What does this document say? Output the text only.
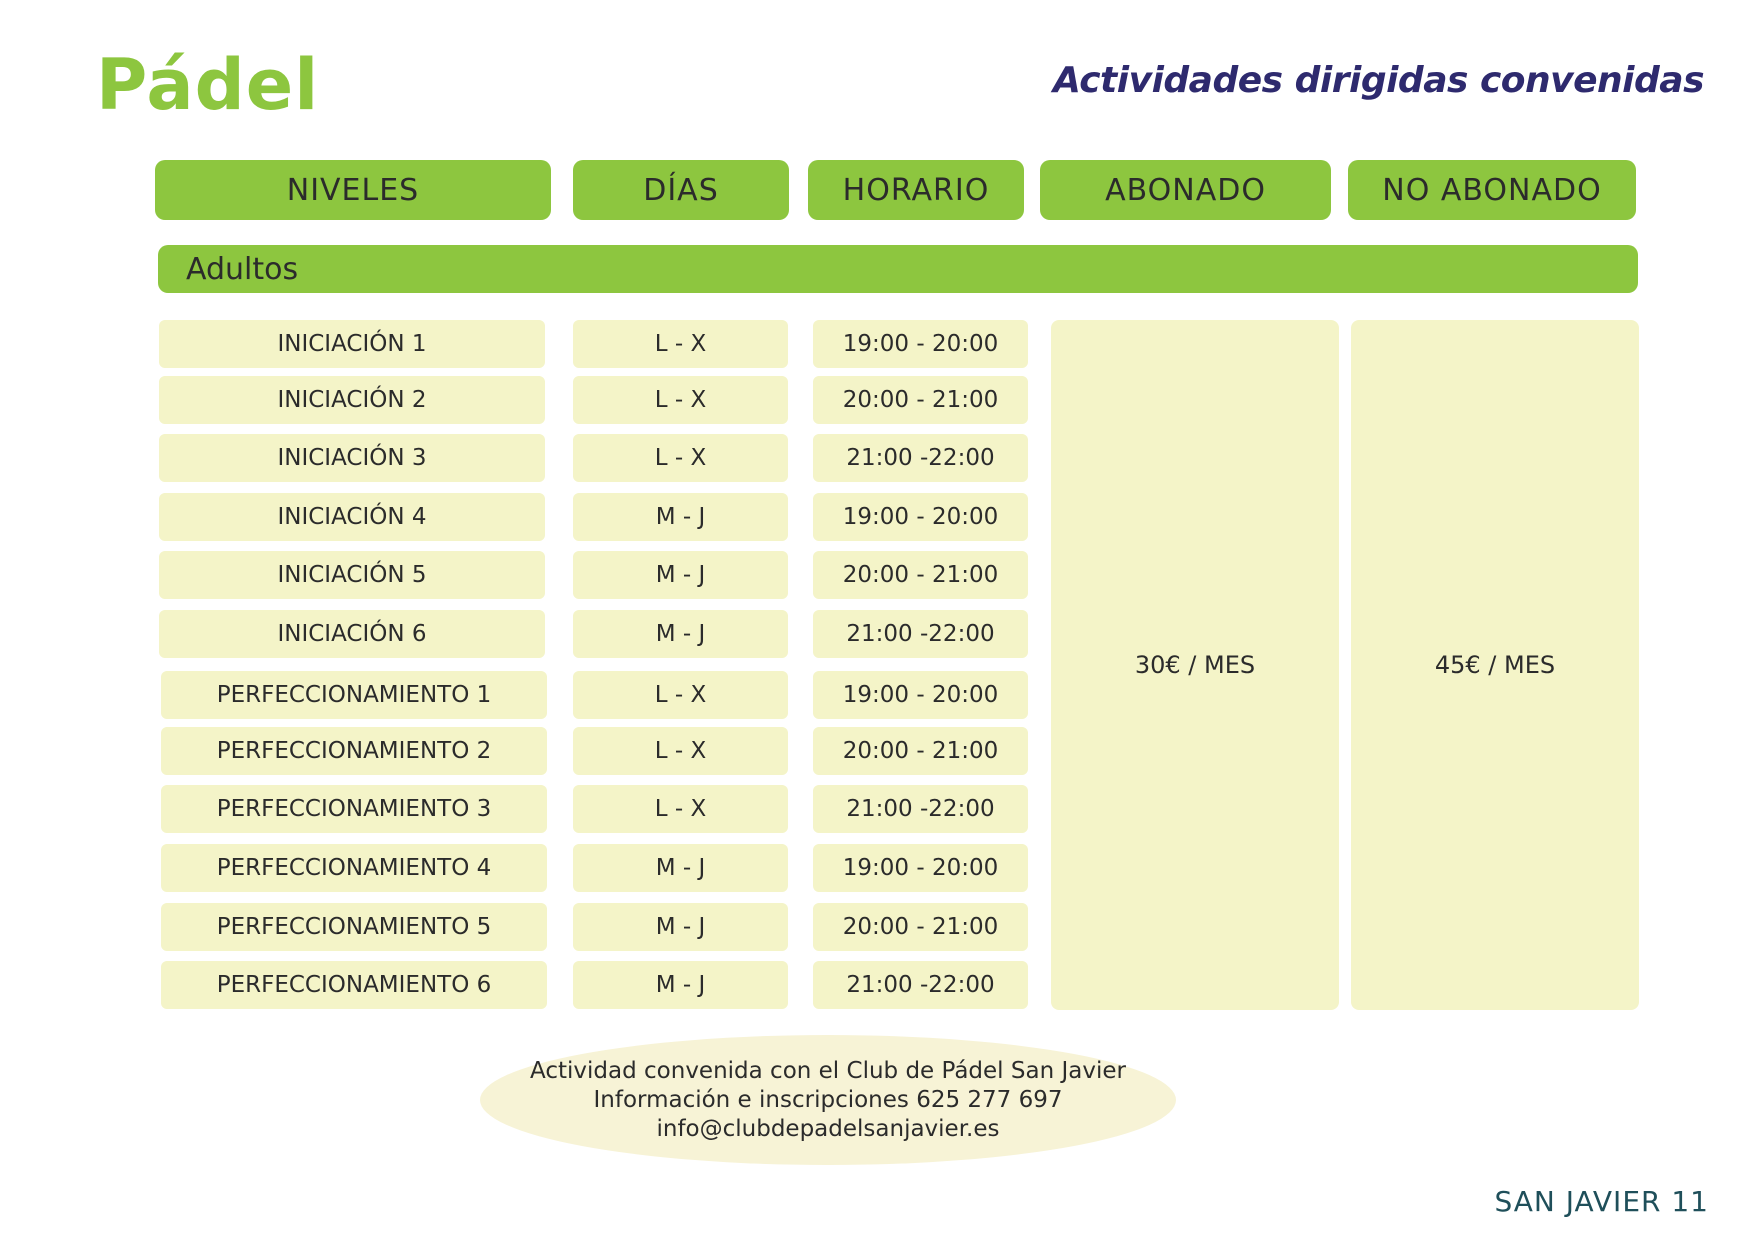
Pádel	Actividades dirigidas convenidas
NIVELES	DÍAS	HORARIO	ABONADO	NO ABONADO
Adultos
INICIACIÓN 1	L - X	19:00 - 20:00
INICIACIÓN 2	L - X	20:00 - 21:00
INICIACIÓN 3	L - X	21:00 -22:00
INICIACIÓN 4	M - J	19:00 - 20:00
INICIACIÓN 5	M - J	20:00 - 21:00
INICIACIÓN 6	M - J	21:00 -22:00
PERFECCIONAMIENTO 1	L - X	19:00 - 20:00
PERFECCIONAMIENTO 2	L - X	20:00 - 21:00
PERFECCIONAMIENTO 3	L - X	21:00 -22:00
PERFECCIONAMIENTO 4	M - J	19:00 - 20:00
PERFECCIONAMIENTO 5	M - J	20:00 - 21:00
PERFECCIONAMIENTO 6	M - J	21:00 -22:00
30€ / MES	45€ / MES
Actividad convenida con el Club de Pádel San Javier
Información e inscripciones 625 277 697
info@clubdepadelsanjavier.es
SAN JAVIER 11
